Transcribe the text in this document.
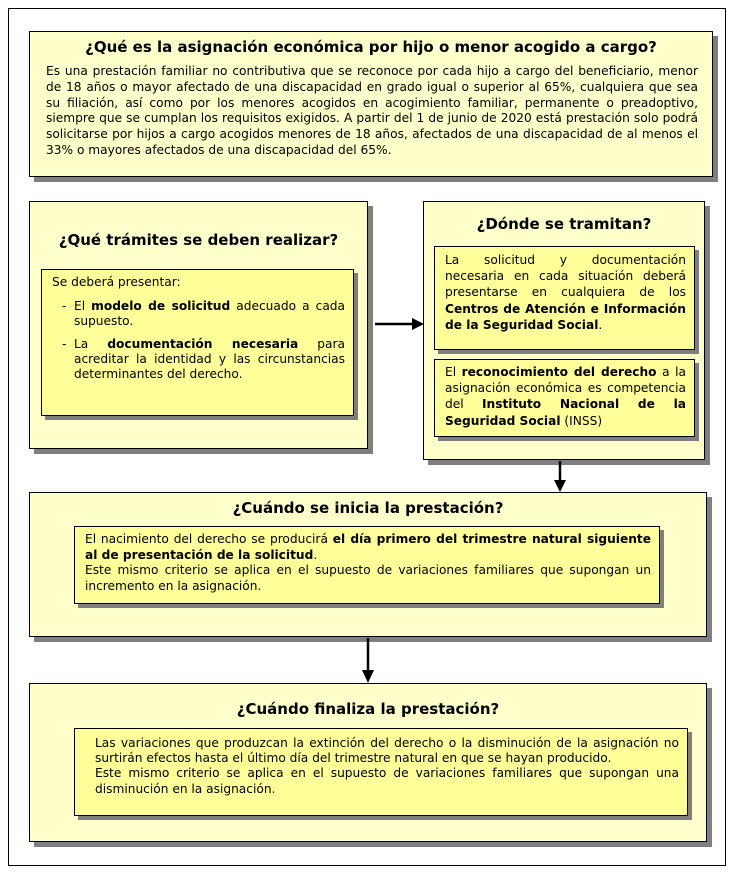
¿Qué es la asignación económica por hijo o menor acogido a cargo?

Es una prestación familiar no contributiva que se reconoce por cada hijo a cargo del beneficiario, menor de 18 años o mayor afectado de una discapacidad en grado igual o superior al 65%, cualquiera que sea su filiación, así como por los menores acogidos en acogimiento familiar, permanente o preadoptivo, siempre que se cumplan los requisitos exigidos. A partir del 1 de junio de 2020 está prestación solo podrá solicitarse por hijos a cargo acogidos menores de 18 años, afectados de una discapacidad de al menos el 33% o mayores afectados de una discapacidad del 65%.

¿Qué trámites se deben realizar?

Se deberá presentar:

- El modelo de solicitud adecuado a cada supuesto.
- La documentación necesaria para acreditar la identidad y las circunstancias determinantes del derecho.
¿Dónde se tramitan?
La solicitud y documentación necesaria en cada situación deberá presentarse en cualquiera de los Centros de Atención e Información de la Seguridad Social.
El reconocimiento del derecho a la asignación económica es competencia del Instituto Nacional de la Seguridad Social (INSS)
¿Cuándo se inicia la prestación?

El nacimiento del derecho se producirá el día primero del trimestre natural siguiente al de presentación de la solicitud.

Este mismo criterio se aplica en el supuesto de variaciones familiares que supongan un incremento en la asignación.

¿Cuándo finaliza la prestación?

Las variaciones que produzcan la extinción del derecho o la disminución de la asignación no surtirán efectos hasta el último día del trimestre natural en que se hayan producido.

Este mismo criterio se aplica en el supuesto de variaciones familiares que supongan una disminución en la asignación.
